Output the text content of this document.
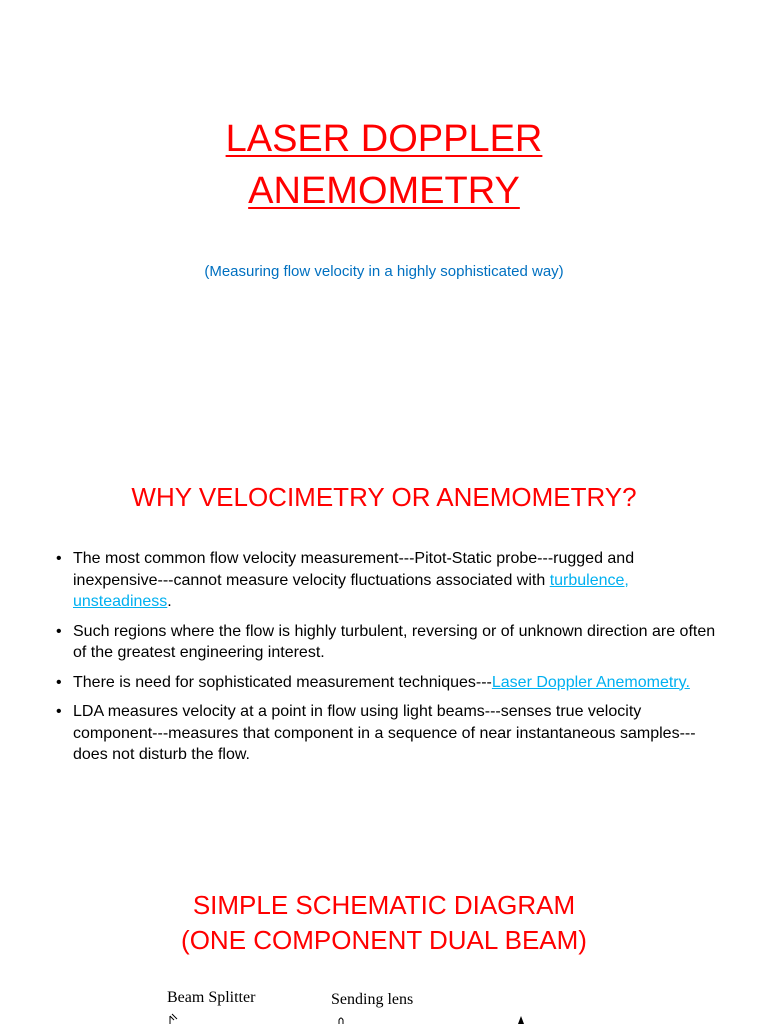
LASER DOPPLER
ANEMOMETRY
(Measuring flow velocity in a highly sophisticated way)
WHY VELOCIMETRY OR ANEMOMETRY?
• The most common flow velocity measurement---Pitot-Static probe---rugged and inexpensive---cannot measure velocity fluctuations associated with turbulence, unsteadiness.
• Such regions where the flow is highly turbulent, reversing or of unknown direction are often of the greatest engineering interest.
• There is need for sophisticated measurement techniques---Laser Doppler Anemometry.
• LDA measures velocity at a point in flow using light beams---senses true velocity component---measures that component in a sequence of near instantaneous samples---does not disturb the flow.
SIMPLE SCHEMATIC DIAGRAM
(ONE COMPONENT DUAL BEAM)
Beam Splitter	Sending lens
